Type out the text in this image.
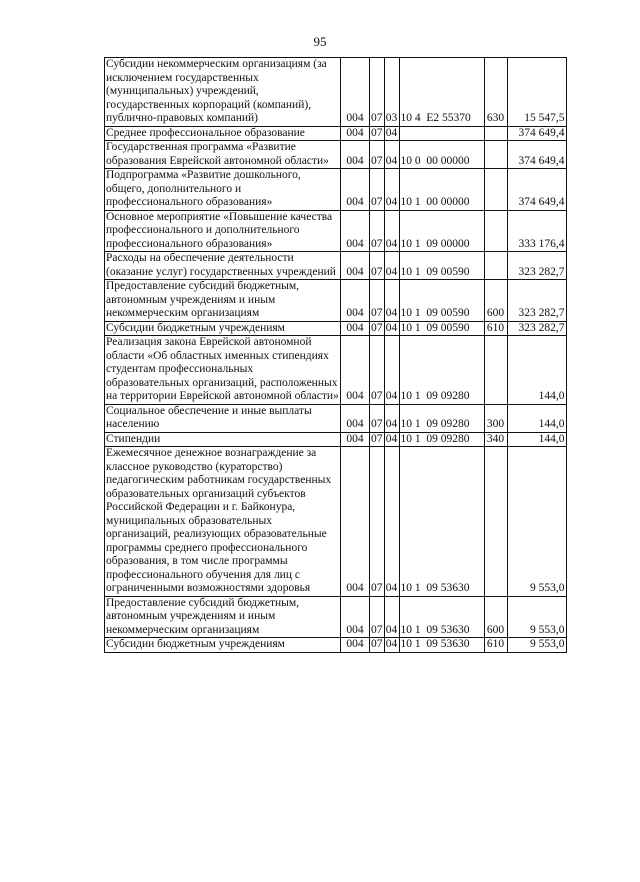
95
Субсидии некоммерческим организациям (за исключением государственных (муниципальных) учреждений, государственных корпораций (компаний), публично-правовых компаний)	004	07	03	10 4  E2 55370	630	15 547,5
Среднее профессиональное образование	004	07	04			374 649,4
Государственная программа «Развитие образования Еврейской автономной области»	004	07	04	10 0  00 00000		374 649,4
Подпрограмма «Развитие дошкольного, общего, дополнительного и профессионального образования»	004	07	04	10 1  00 00000		374 649,4
Основное мероприятие «Повышение качества профессионального и дополнительного профессионального образования»	004	07	04	10 1  09 00000		333 176,4
Расходы на обеспечение деятельности (оказание услуг) государственных учреждений	004	07	04	10 1  09 00590		323 282,7
Предоставление субсидий бюджетным, автономным учреждениям и иным некоммерческим организациям	004	07	04	10 1  09 00590	600	323 282,7
Субсидии бюджетным учреждениям	004	07	04	10 1  09 00590	610	323 282,7
Реализация закона Еврейской автономной области «Об областных именных стипендиях студентам профессиональных образовательных организаций, расположенных на территории Еврейской автономной области»	004	07	04	10 1  09 09280		144,0
Социальное обеспечение и иные выплаты населению	004	07	04	10 1  09 09280	300	144,0
Стипендии	004	07	04	10 1  09 09280	340	144,0
Ежемесячное денежное вознаграждение за классное руководство (кураторство) педагогическим работникам государственных образовательных организаций субъектов Российской Федерации и г. Байконура, муниципальных образовательных организаций, реализующих образовательные программы среднего профессионального образования, в том числе программы профессионального обучения для лиц с ограниченными возможностями здоровья	004	07	04	10 1  09 53630		9 553,0
Предоставление субсидий бюджетным, автономным учреждениям и иным некоммерческим организациям	004	07	04	10 1  09 53630	600	9 553,0
Субсидии бюджетным учреждениям	004	07	04	10 1  09 53630	610	9 553,0
